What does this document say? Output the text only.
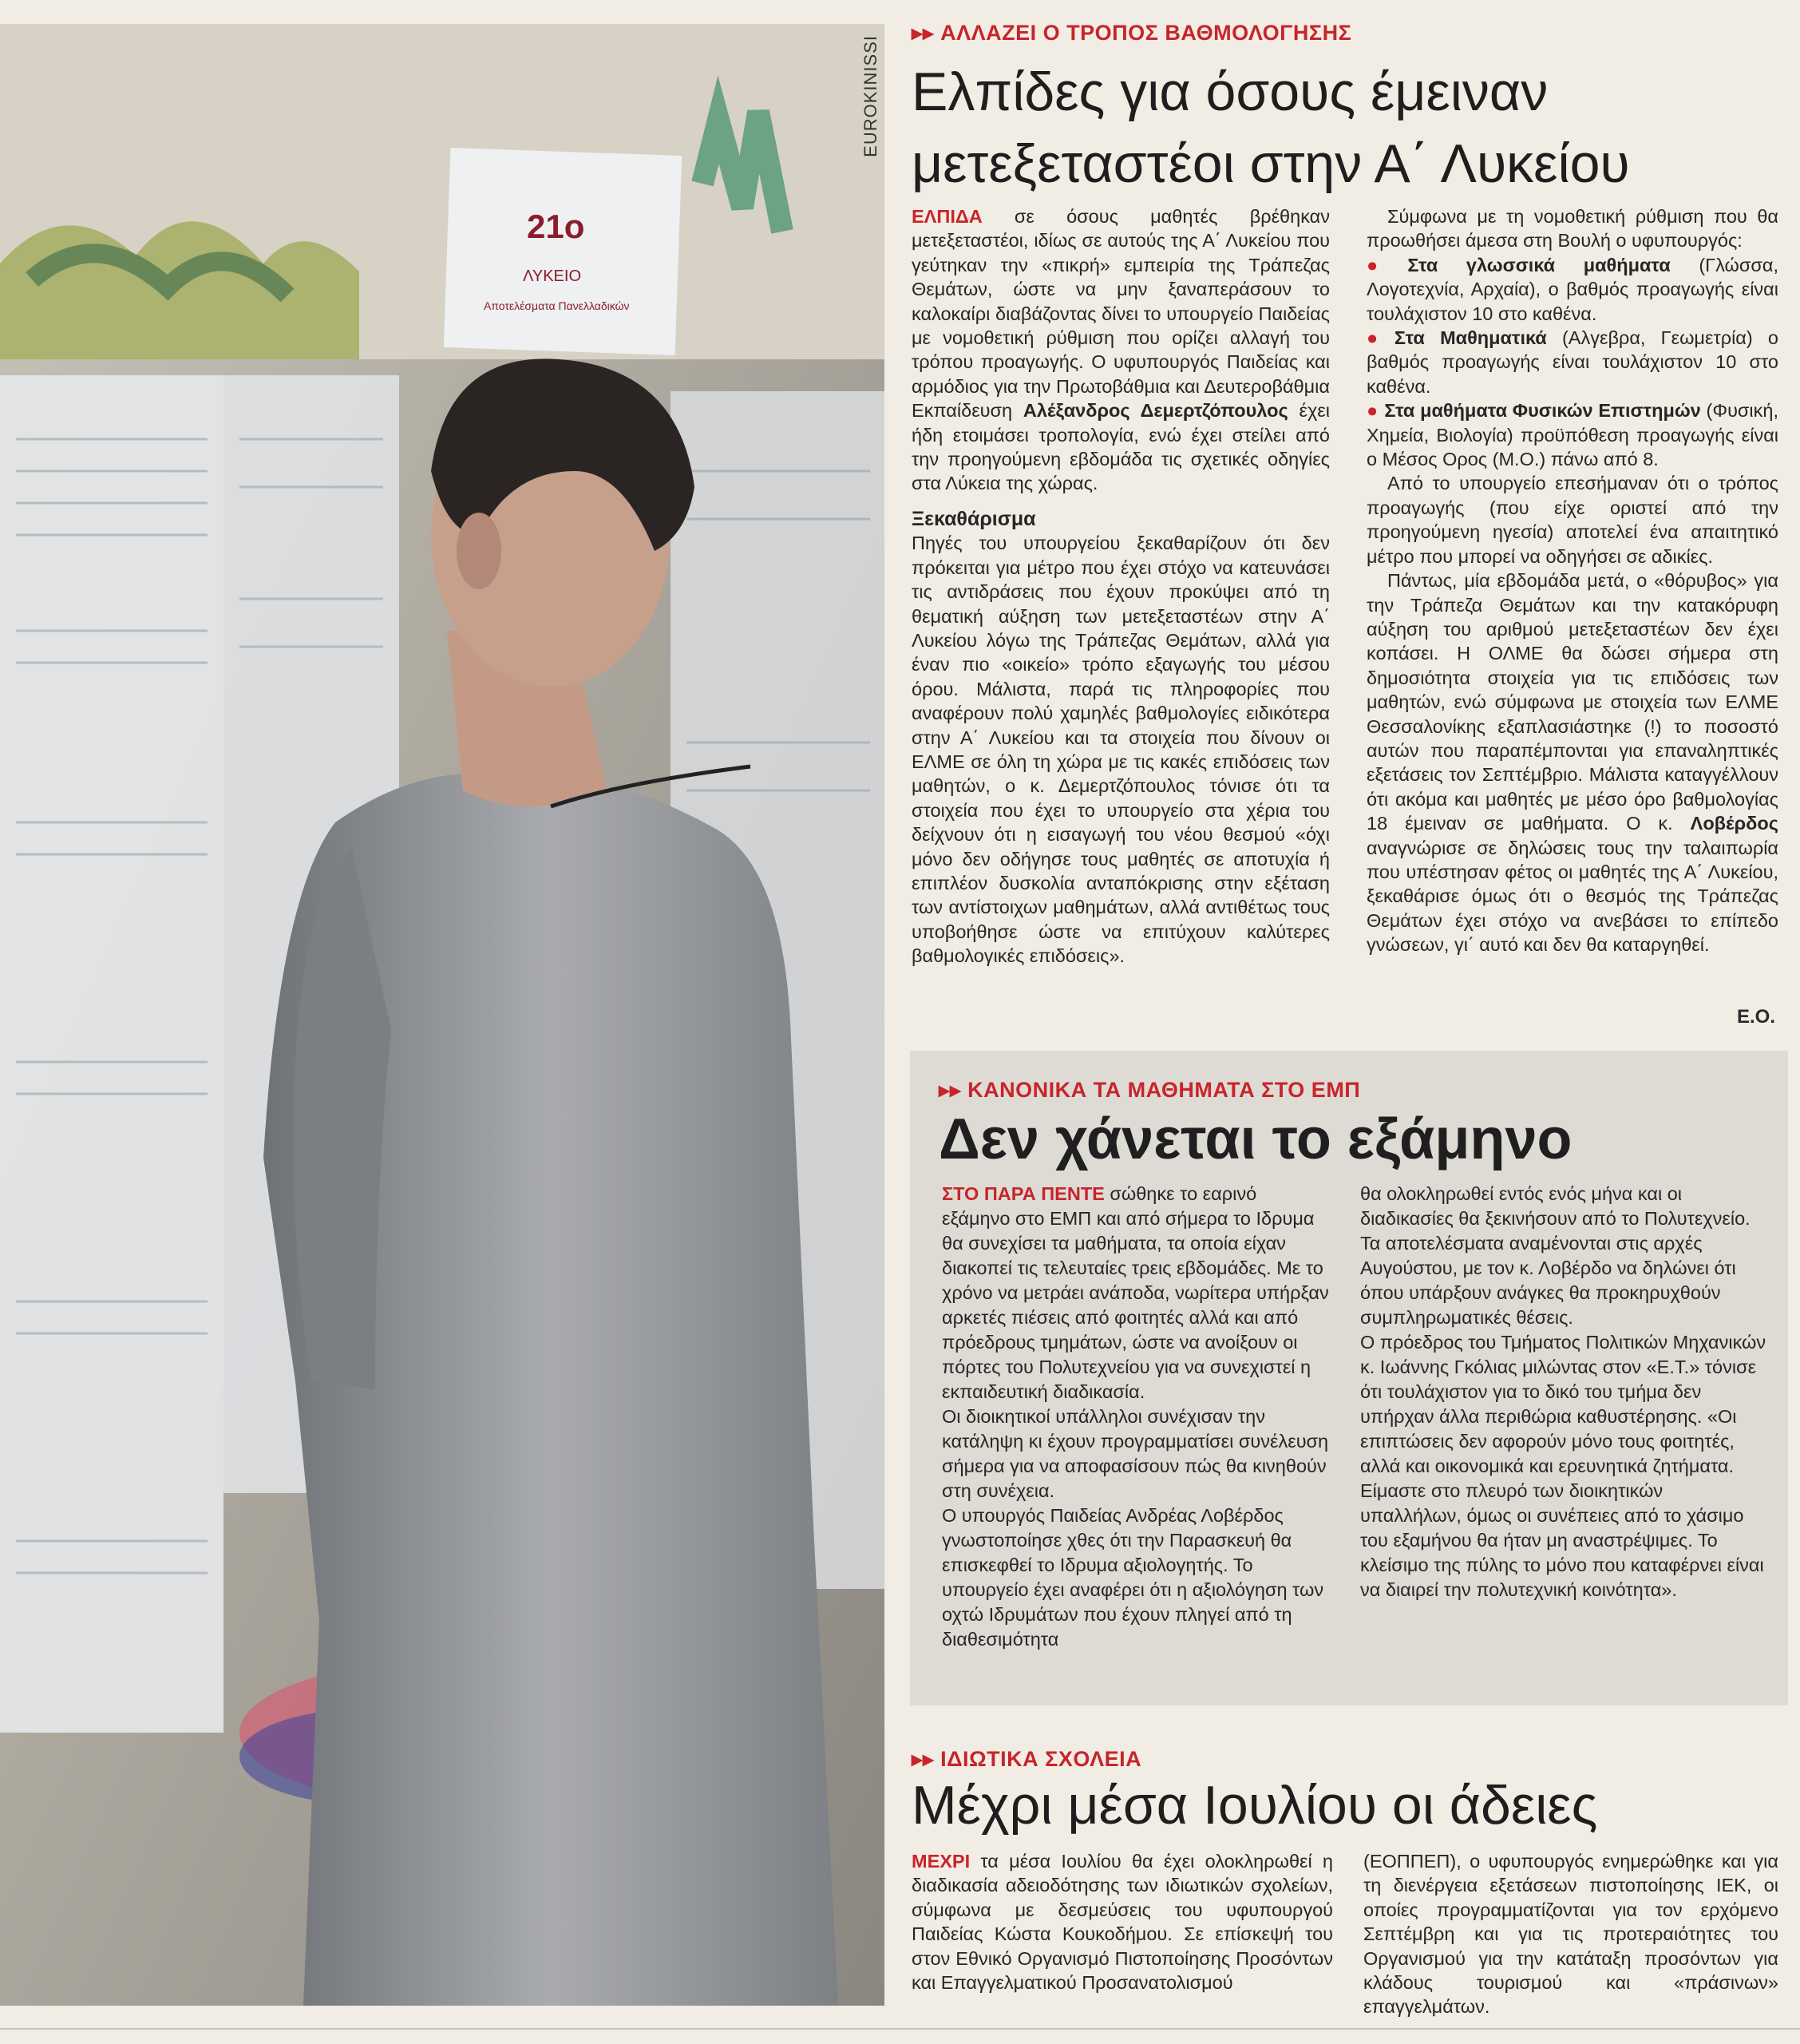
21ο
ΛΥΚΕΙΟ
Αποτελέσματα Πανελλαδικών
EUROKINISSI
▸▸ ΑΛΛΑΖΕΙ Ο ΤΡΟΠΟΣ ΒΑΘΜΟΛΟΓΗΣΗΣ
Ελπίδες για όσους έμειναν
μετεξεταστέοι στην Α΄ Λυκείου

ΕΛΠΙΔΑ σε όσους μαθητές βρέθηκαν μετεξεταστέοι, ιδίως σε αυτούς της Α΄ Λυκείου που γεύτηκαν την «πικρή» εμπειρία της Τράπεζας Θεμάτων, ώστε να μην ξαναπεράσουν το καλοκαίρι διαβάζοντας δίνει το υπουργείο Παιδείας με νομοθετική ρύθμιση που ορίζει αλλαγή του τρόπου προαγωγής. Ο υφυπουργός Παιδείας και αρμόδιος για την Πρωτοβάθμια και Δευτεροβάθμια Εκπαίδευση Αλέξανδρος Δεμερτζόπουλος έχει ήδη ετοιμάσει τροπολογία, ενώ έχει στείλει από την προηγούμενη εβδομάδα τις σχετικές οδηγίες στα Λύκεια της χώρας.

Ξεκαθάρισμα

Πηγές του υπουργείου ξεκαθαρίζουν ότι δεν πρόκειται για μέτρο που έχει στόχο να κατευνάσει τις αντιδράσεις που έχουν προκύψει από τη θεματική αύξηση των μετεξεταστέων στην Α΄ Λυκείου λόγω της Τράπεζας Θεμάτων, αλλά για έναν πιο «οικείο» τρόπο εξαγωγής του μέσου όρου. Μάλιστα, παρά τις πληροφορίες που αναφέρουν πολύ χαμηλές βαθμολογίες ειδικότερα στην Α΄ Λυκείου και τα στοιχεία που δίνουν οι ΕΛΜΕ σε όλη τη χώρα με τις κακές επιδόσεις των μαθητών, ο κ. Δεμερτζόπουλος τόνισε ότι τα στοιχεία που έχει το υπουργείο στα χέρια του δείχνουν ότι η εισαγωγή του νέου θεσμού «όχι μόνο δεν οδήγησε τους μαθητές σε αποτυχία ή επιπλέον δυσκολία ανταπόκρισης στην εξέταση των αντίστοιχων μαθημάτων, αλλά αντιθέτως τους υποβοήθησε ώστε να επιτύχουν καλύτερες βαθμολογικές επιδόσεις».

Σύμφωνα με τη νομοθετική ρύθμιση που θα προωθήσει άμεσα στη Βουλή ο υφυπουργός:

● Στα γλωσσικά μαθήματα (Γλώσσα, Λογοτεχνία, Αρχαία), ο βαθμός προαγωγής είναι τουλάχιστον 10 στο καθένα.

● Στα Μαθηματικά (Αλγεβρα, Γεωμετρία) ο βαθμός προαγωγής είναι τουλάχιστον 10 στο καθένα.

● Στα μαθήματα Φυσικών Επιστημών (Φυσική, Χημεία, Βιολογία) προϋπόθεση προαγωγής είναι ο Μέσος Ορος (Μ.Ο.) πάνω από 8.

Από το υπουργείο επεσήμαναν ότι ο τρόπος προαγωγής (που είχε οριστεί από την προηγούμενη ηγεσία) αποτελεί ένα απαιτητικό μέτρο που μπορεί να οδηγήσει σε αδικίες.

Πάντως, μία εβδομάδα μετά, ο «θόρυβος» για την Τράπεζα Θεμάτων και την κατακόρυφη αύξηση του αριθμού μετεξεταστέων δεν έχει κοπάσει. Η ΟΛΜΕ θα δώσει σήμερα στη δημοσιότητα στοιχεία για τις επιδόσεις των μαθητών, ενώ σύμφωνα με στοιχεία των ΕΛΜΕ Θεσσαλονίκης εξαπλασιάστηκε (!) το ποσοστό αυτών που παραπέμπονται για επαναληπτικές εξετάσεις τον Σεπτέμβριο. Μάλιστα καταγγέλλουν ότι ακόμα και μαθητές με μέσο όρο βαθμολογίας 18 έμειναν σε μαθήματα. Ο κ. Λοβέρδος αναγνώρισε σε δηλώσεις τους την ταλαιπωρία που υπέστησαν φέτος οι μαθητές της Α΄ Λυκείου, ξεκαθάρισε όμως ότι ο θεσμός της Τράπεζας Θεμάτων έχει στόχο να ανεβάσει το επίπεδο γνώσεων, γι΄ αυτό και δεν θα καταργηθεί.

Ε.Ο.
▸▸ ΚΑΝΟΝΙΚΑ ΤΑ ΜΑΘΗΜΑΤΑ ΣΤΟ ΕΜΠ
Δεν χάνεται το εξάμηνο

ΣΤΟ ΠΑΡΑ ΠΕΝΤΕ σώθηκε το εαρινό εξάμηνο στο ΕΜΠ και από σήμερα το Ιδρυμα θα συνεχίσει τα μαθήματα, τα οποία είχαν διακοπεί τις τελευταίες τρεις εβδομάδες. Με το χρόνο να μετράει ανάποδα, νωρίτερα υπήρξαν αρκετές πιέσεις από φοιτητές αλλά και από πρόεδρους τμημάτων, ώστε να ανοίξουν οι πόρτες του Πολυτεχνείου για να συνεχιστεί η εκπαιδευτική διαδικασία.

Οι διοικητικοί υπάλληλοι συνέχισαν την κατάληψη κι έχουν προγραμματίσει συνέλευση σήμερα για να αποφασίσουν πώς θα κινηθούν στη συνέχεια.

Ο υπουργός Παιδείας Ανδρέας Λοβέρδος γνωστοποίησε χθες ότι την Παρασκευή θα επισκεφθεί το Ιδρυμα αξιολογητής. Το υπουργείο έχει αναφέρει ότι η αξιολόγηση των οχτώ Ιδρυμάτων που έχουν πληγεί από τη διαθεσιμότητα

θα ολοκληρωθεί εντός ενός μήνα και οι διαδικασίες θα ξεκινήσουν από το Πολυτεχνείο. Τα αποτελέσματα αναμένονται στις αρχές Αυγούστου, με τον κ. Λοβέρδο να δηλώνει ότι όπου υπάρξουν ανάγκες θα προκηρυχθούν συμπληρωματικές θέσεις.

Ο πρόεδρος του Τμήματος Πολιτικών Μηχανικών κ. Ιωάννης Γκόλιας μιλώντας στον «Ε.Τ.» τόνισε ότι τουλάχιστον για το δικό του τμήμα δεν υπήρχαν άλλα περιθώρια καθυστέρησης. «Οι επιπτώσεις δεν αφορούν μόνο τους φοιτητές, αλλά και οικονομικά και ερευνητικά ζητήματα. Είμαστε στο πλευρό των διοικητικών υπαλλήλων, όμως οι συνέπειες από το χάσιμο του εξαμήνου θα ήταν μη αναστρέψιμες. Το κλείσιμο της πύλης το μόνο που καταφέρνει είναι να διαιρεί την πολυτεχνική κοινότητα».

▸▸ ΙΔΙΩΤΙΚΑ ΣΧΟΛΕΙΑ
Μέχρι μέσα Ιουλίου οι άδειες

ΜΕΧΡΙ τα μέσα Ιουλίου θα έχει ολοκληρωθεί η διαδικασία αδειοδότησης των ιδιωτικών σχολείων, σύμφωνα με δεσμεύσεις του υφυπουργού Παιδείας Κώστα Κουκοδήμου. Σε επίσκεψή του στον Εθνικό Οργανισμό Πιστοποίησης Προσόντων και Επαγγελματικού Προσανατολισμού

(ΕΟΠΠΕΠ), ο υφυπουργός ενημερώθηκε και για τη διενέργεια εξετάσεων πιστοποίησης ΙΕΚ, οι οποίες προγραμματίζονται για τον ερχόμενο Σεπτέμβρη και για τις προτεραιότητες του Οργανισμού για την κατάταξη προσόντων για κλάδους τουρισμού και «πράσινων» επαγγελμάτων.
